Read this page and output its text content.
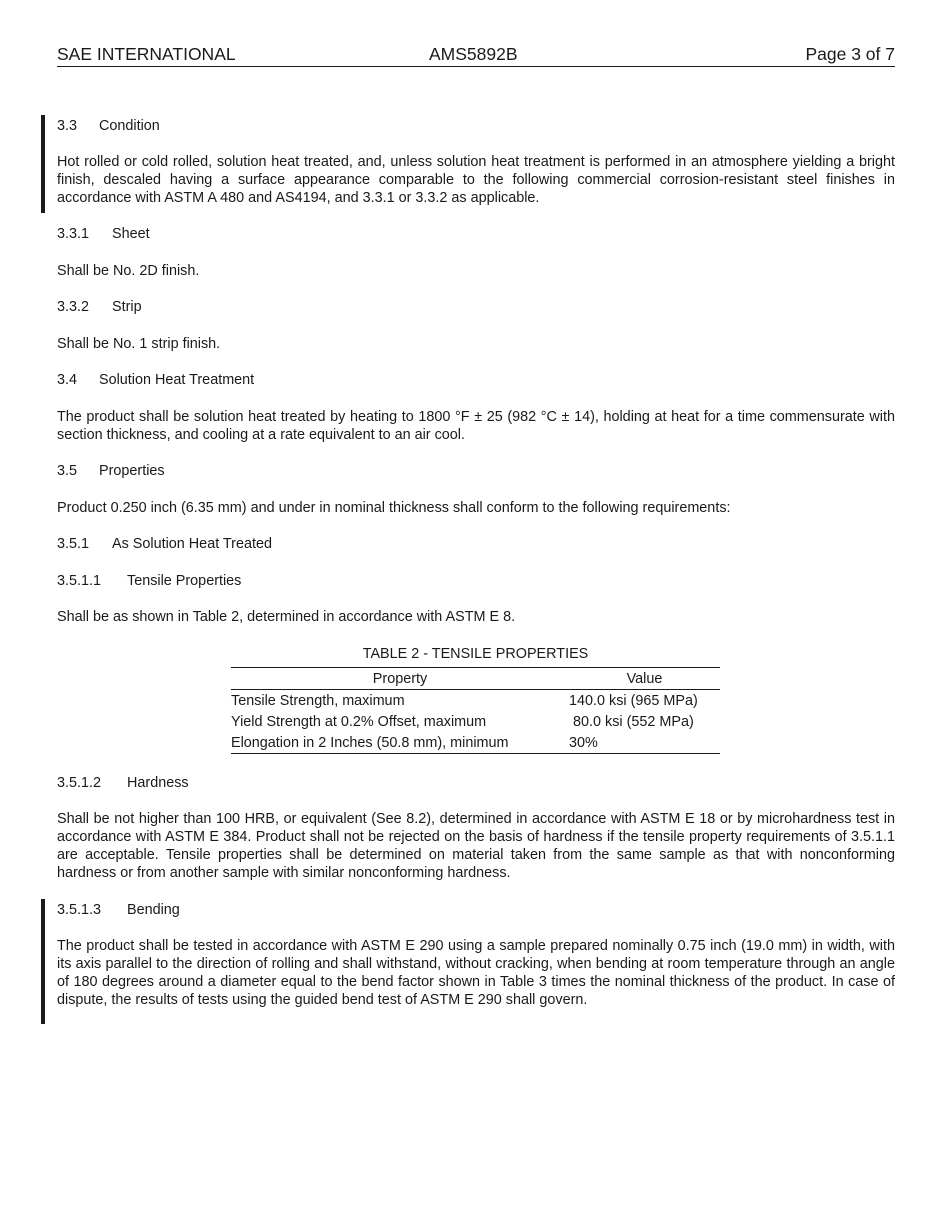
SAE INTERNATIONAL	AMS5892B	Page 3 of 7
3.3 Condition
Hot rolled or cold rolled, solution heat treated, and, unless solution heat treatment is performed in an atmosphere yielding a bright finish, descaled having a surface appearance comparable to the following commercial corrosion-resistant steel finishes in accordance with ASTM A 480 and AS4194, and 3.3.1 or 3.3.2 as applicable.
3.3.1 Sheet
Shall be No. 2D finish.
3.3.2 Strip
Shall be No. 1 strip finish.
3.4 Solution Heat Treatment
The product shall be solution heat treated by heating to 1800 °F ± 25 (982 °C ± 14), holding at heat for a time commensurate with section thickness, and cooling at a rate equivalent to an air cool.
3.5 Properties
Product 0.250 inch (6.35 mm) and under in nominal thickness shall conform to the following requirements:
3.5.1 As Solution Heat Treated
3.5.1.1 Tensile Properties
Shall be as shown in Table 2, determined in accordance with ASTM E 8.
TABLE 2 - TENSILE PROPERTIES
Property	Value
Tensile Strength, maximum	140.0 ksi (965 MPa)
Yield Strength at 0.2% Offset, maximum	80.0 ksi (552 MPa)
Elongation in 2 Inches (50.8 mm), minimum	30%
3.5.1.2 Hardness
Shall be not higher than 100 HRB, or equivalent (See 8.2), determined in accordance with ASTM E 18 or by microhardness test in accordance with ASTM E 384. Product shall not be rejected on the basis of hardness if the tensile property requirements of 3.5.1.1 are acceptable. Tensile properties shall be determined on material taken from the same sample as that with nonconforming hardness or from another sample with similar nonconforming hardness.
3.5.1.3 Bending
The product shall be tested in accordance with ASTM E 290 using a sample prepared nominally 0.75 inch (19.0 mm) in width, with its axis parallel to the direction of rolling and shall withstand, without cracking, when bending at room temperature through an angle of 180 degrees around a diameter equal to the bend factor shown in Table 3 times the nominal thickness of the product. In case of dispute, the results of tests using the guided bend test of ASTM E 290 shall govern.
